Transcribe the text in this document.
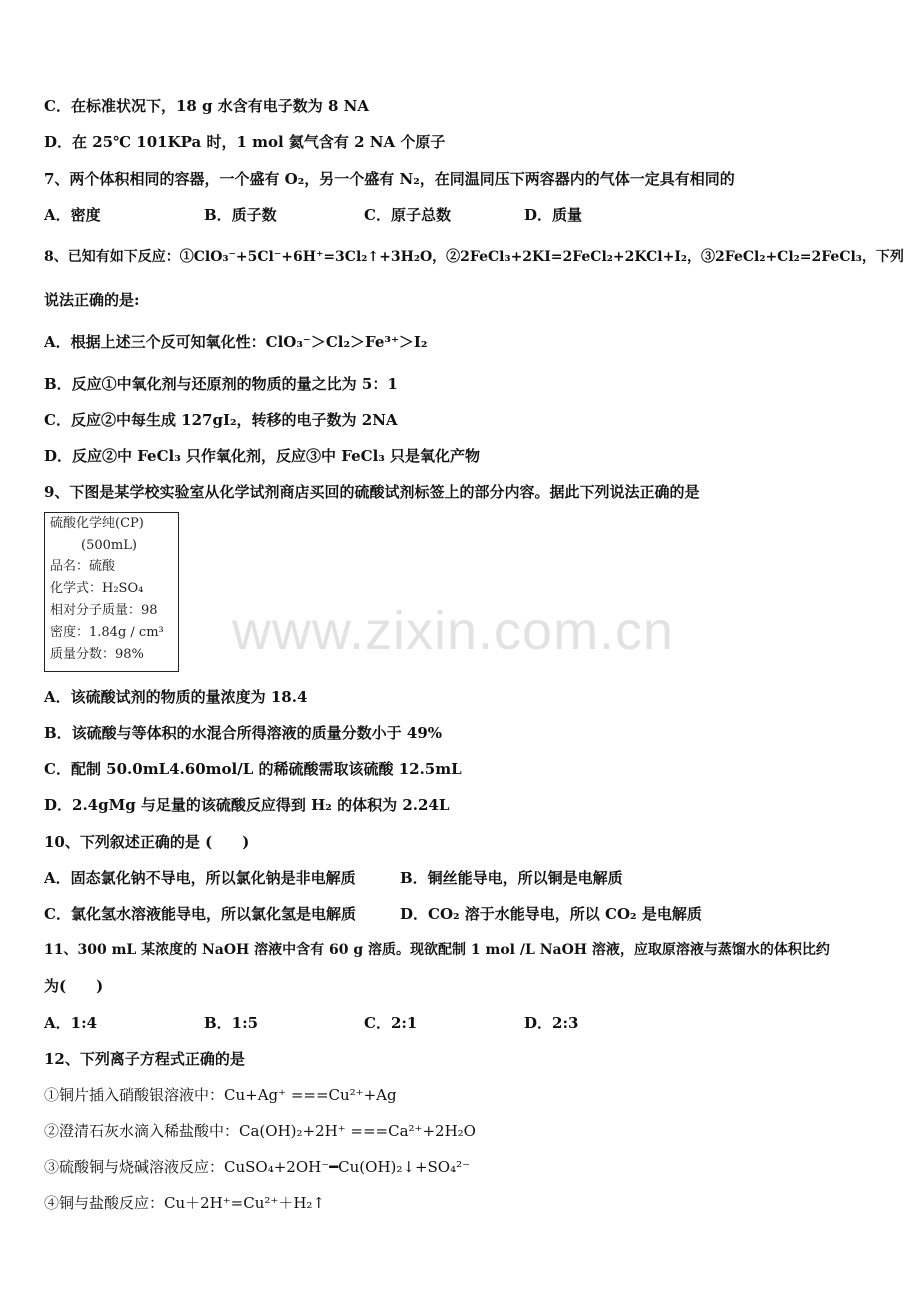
C．在标准状况下，18 g 水含有电子数为 8 NA
D．在 25℃ 101KPa 时，1 mol 氦气含有 2 NA 个原子
7、两个体积相同的容器，一个盛有 O₂，另一个盛有 N₂，在同温同压下两容器内的气体一定具有相同的
A．密度	B．质子数	C．原子总数	D．质量
8、已知有如下反应：①ClO₃⁻+5Cl⁻+6H⁺=3Cl₂↑+3H₂O，②2FeCl₃+2KI=2FeCl₂+2KCl+I₂，③2FeCl₂+Cl₂=2FeCl₃，下列
说法正确的是:
A．根据上述三个反可知氧化性：ClO₃⁻＞Cl₂＞Fe³⁺＞I₂
B．反应①中氧化剂与还原剂的物质的量之比为 5：1
C．反应②中每生成 127gI₂，转移的电子数为 2NA
D．反应②中 FeCl₃ 只作氧化剂，反应③中 FeCl₃ 只是氧化产物
9、下图是某学校实验室从化学试剂商店买回的硫酸试剂标签上的部分内容。据此下列说法正确的是
硫酸化学纯(CP)
(500mL)
品名：硫酸
化学式：H₂SO₄
相对分子质量：98
密度：1.84g / cm³
质量分数：98% www.zixin.com.cn
A．该硫酸试剂的物质的量浓度为 18.4
B．该硫酸与等体积的水混合所得溶液的质量分数小于 49%
C．配制 50.0mL4.60mol/L 的稀硫酸需取该硫酸 12.5mL
D．2.4gMg 与足量的该硫酸反应得到 H₂ 的体积为 2.24L
10、下列叙述正确的是 (　　)
A．固态氯化钠不导电，所以氯化钠是非电解质	B．铜丝能导电，所以铜是电解质
C．氯化氢水溶液能导电，所以氯化氢是电解质	D．CO₂ 溶于水能导电，所以 CO₂ 是电解质
11、300 mL 某浓度的 NaOH 溶液中含有 60 g 溶质。现欲配制 1 mol /L NaOH 溶液，应取原溶液与蒸馏水的体积比约
为(　　)
A．1:4	B．1:5	C．2:1	D．2:3
12、下列离子方程式正确的是
①铜片插入硝酸银溶液中：Cu+Ag⁺ ===Cu²⁺+Ag
②澄清石灰水滴入稀盐酸中：Ca(OH)₂+2H⁺ ===Ca²⁺+2H₂O
③硫酸铜与烧碱溶液反应：CuSO₄+2OH⁻━Cu(OH)₂↓+SO₄²⁻
④铜与盐酸反应：Cu＋2H⁺=Cu²⁺＋H₂↑
